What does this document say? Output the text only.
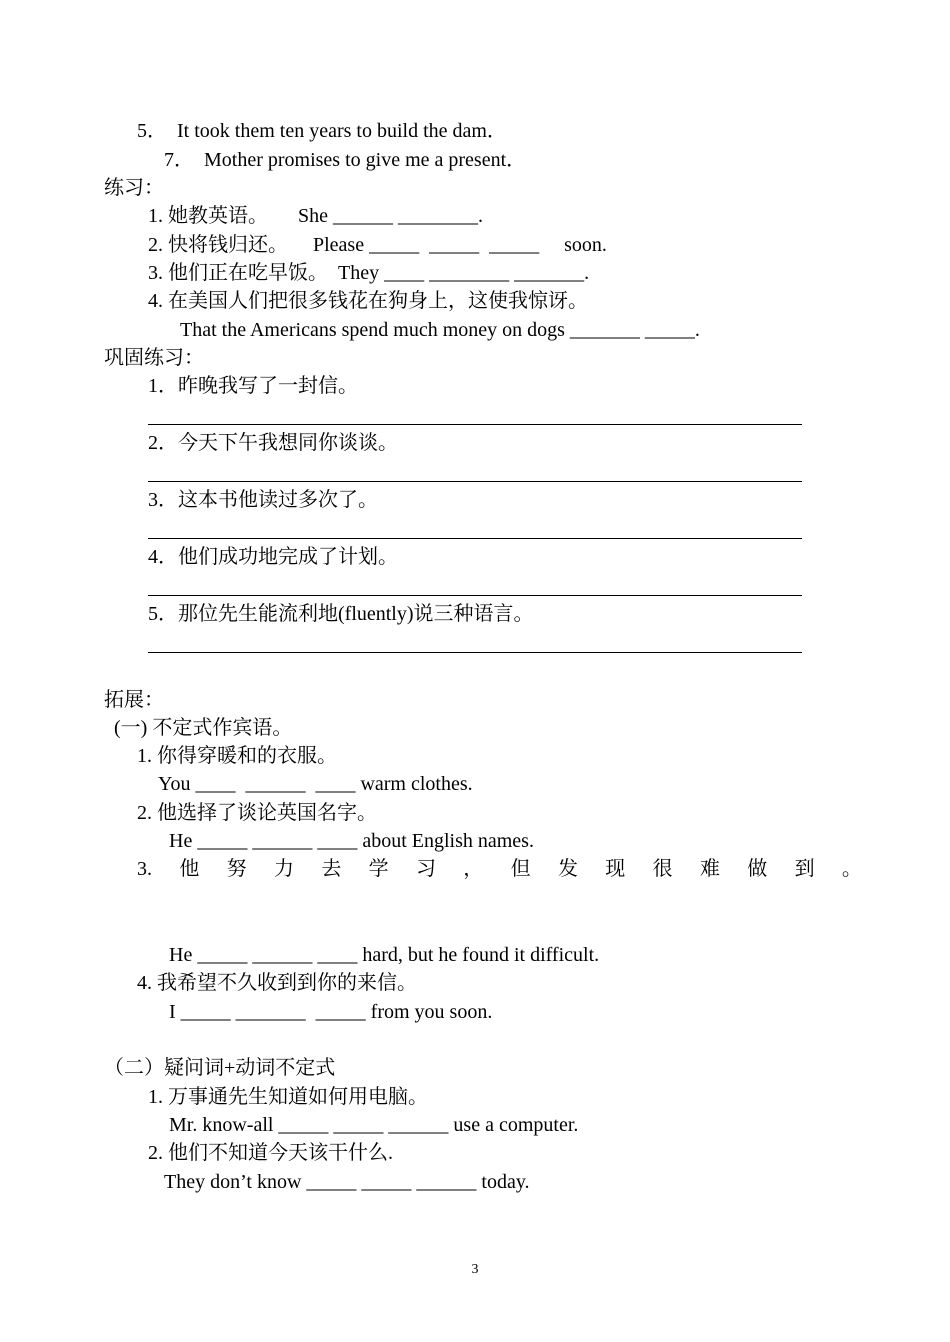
5．  It took them ten years to build the dam．
7．  Mother promises to give me a present．
练习：
1. 她教英语。      She ______ ________.
2. 快将钱归还。     Please _____  _____  _____     soon.
3. 他们正在吃早饭。  They ____ ________ _______.
4. 在美国人们把很多钱花在狗身上，这使我惊讶。
That the Americans spend much money on dogs _______ _____.
巩固练习：
1．昨晚我写了一封信。
2．今天下午我想同你谈谈。
3．这本书他读过多次了。
4．他们成功地完成了计划。
5．那位先生能流利地(fluently)说三种语言。
拓展：
(一) 不定式作宾语。
1. 你得穿暖和的衣服。
You ____  ______  ____ warm clothes.
2. 他选择了谈论英国名字。
He _____ ______ ____ about English names.
3. 他 努 力 去 学 习 ， 但 发 现 很 难 做 到 。
He _____ ______ ____ hard, but he found it difficult.
4. 我希望不久收到到你的来信。
I _____ _______  _____ from you soon.
（二）疑问词+动词不定式
1. 万事通先生知道如何用电脑。
Mr. know-all _____ _____ ______ use a computer.
2. 他们不知道今天该干什么.
They don’t know _____ _____ ______ today.
3
